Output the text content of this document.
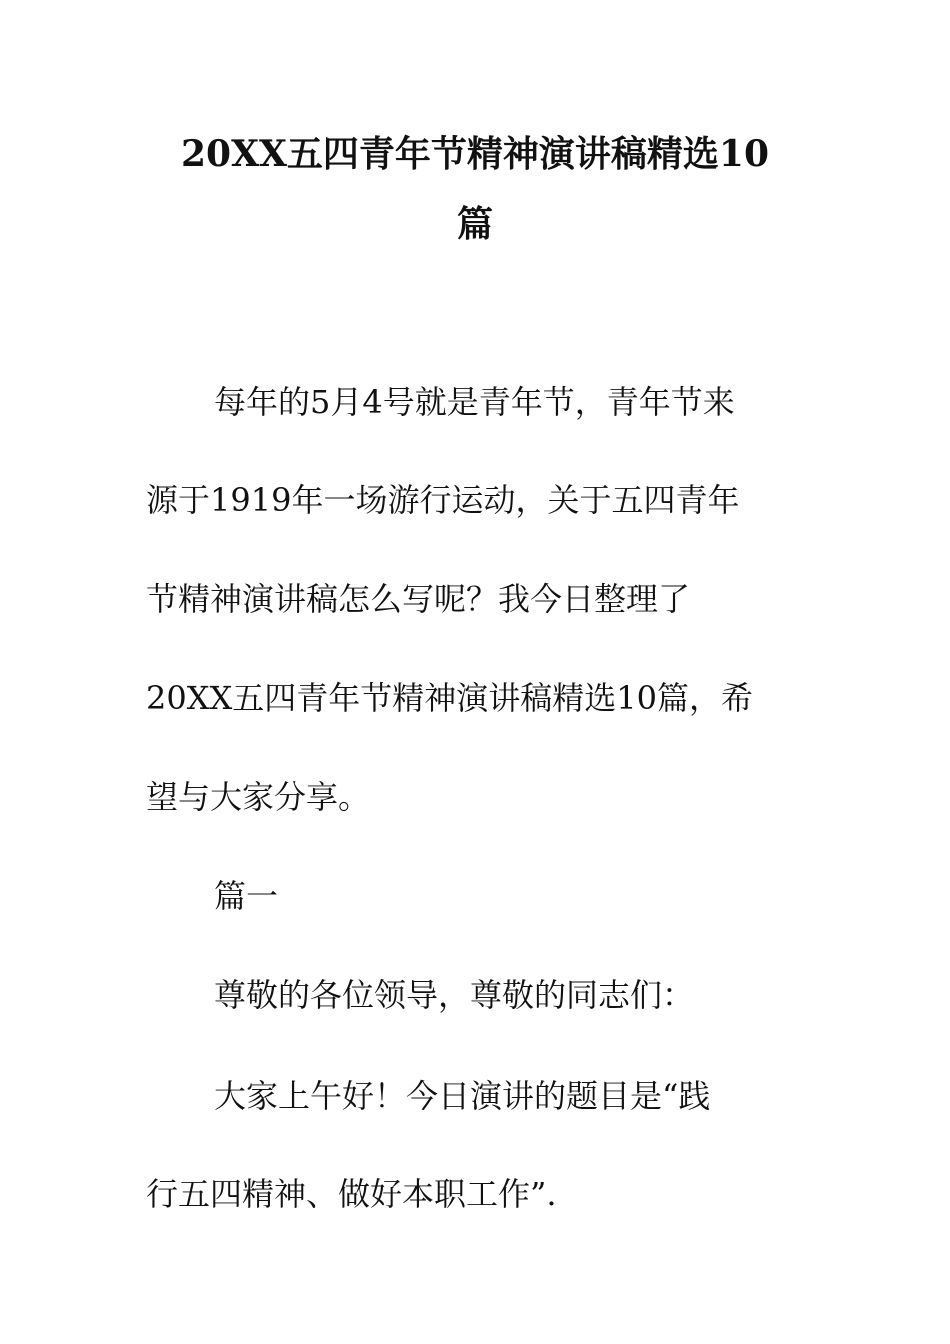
20XX五四青年节精神演讲稿精选10
篇
每年的5月4号就是青年节，青年节来
源于1919年一场游行运动，关于五四青年
节精神演讲稿怎么写呢？我今日整理了
20XX五四青年节精神演讲稿精选10篇，希
望与大家分享。
篇一
尊敬的各位领导，尊敬的同志们：
大家上午好！今日演讲的题目是“践
行五四精神、做好本职工作”.
